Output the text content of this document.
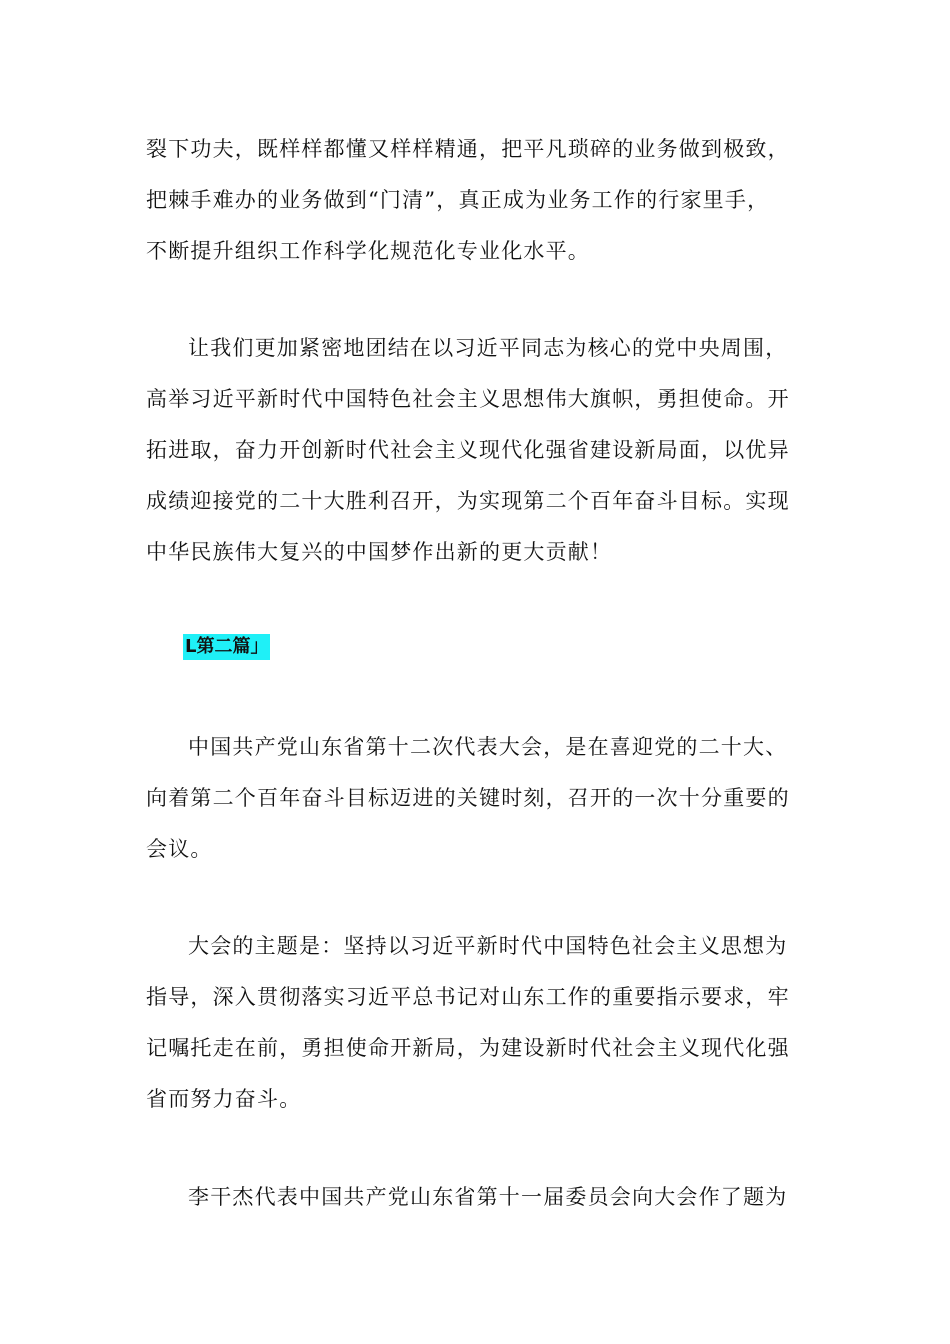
裂下功夫，既样样都懂又样样精通，把平凡琐碎的业务做到极致，
把棘手难办的业务做到“门清”，真正成为业务工作的行家里手，
不断提升组织工作科学化规范化专业化水平。

让我们更加紧密地团结在以习近平同志为核心的党中央周围，
高举习近平新时代中国特色社会主义思想伟大旗帜，勇担使命。开
拓进取，奋力开创新时代社会主义现代化强省建设新局面，以优异
成绩迎接党的二十大胜利召开，为实现第二个百年奋斗目标。实现
中华民族伟大复兴的中国梦作出新的更大贡献！

L第二篇」

中国共产党山东省第十二次代表大会，是在喜迎党的二十大、
向着第二个百年奋斗目标迈进的关键时刻，召开的一次十分重要的
会议。

大会的主题是：坚持以习近平新时代中国特色社会主义思想为
指导，深入贯彻落实习近平总书记对山东工作的重要指示要求，牢
记嘱托走在前，勇担使命开新局，为建设新时代社会主义现代化强
省而努力奋斗。

李干杰代表中国共产党山东省第十一届委员会向大会作了题为
